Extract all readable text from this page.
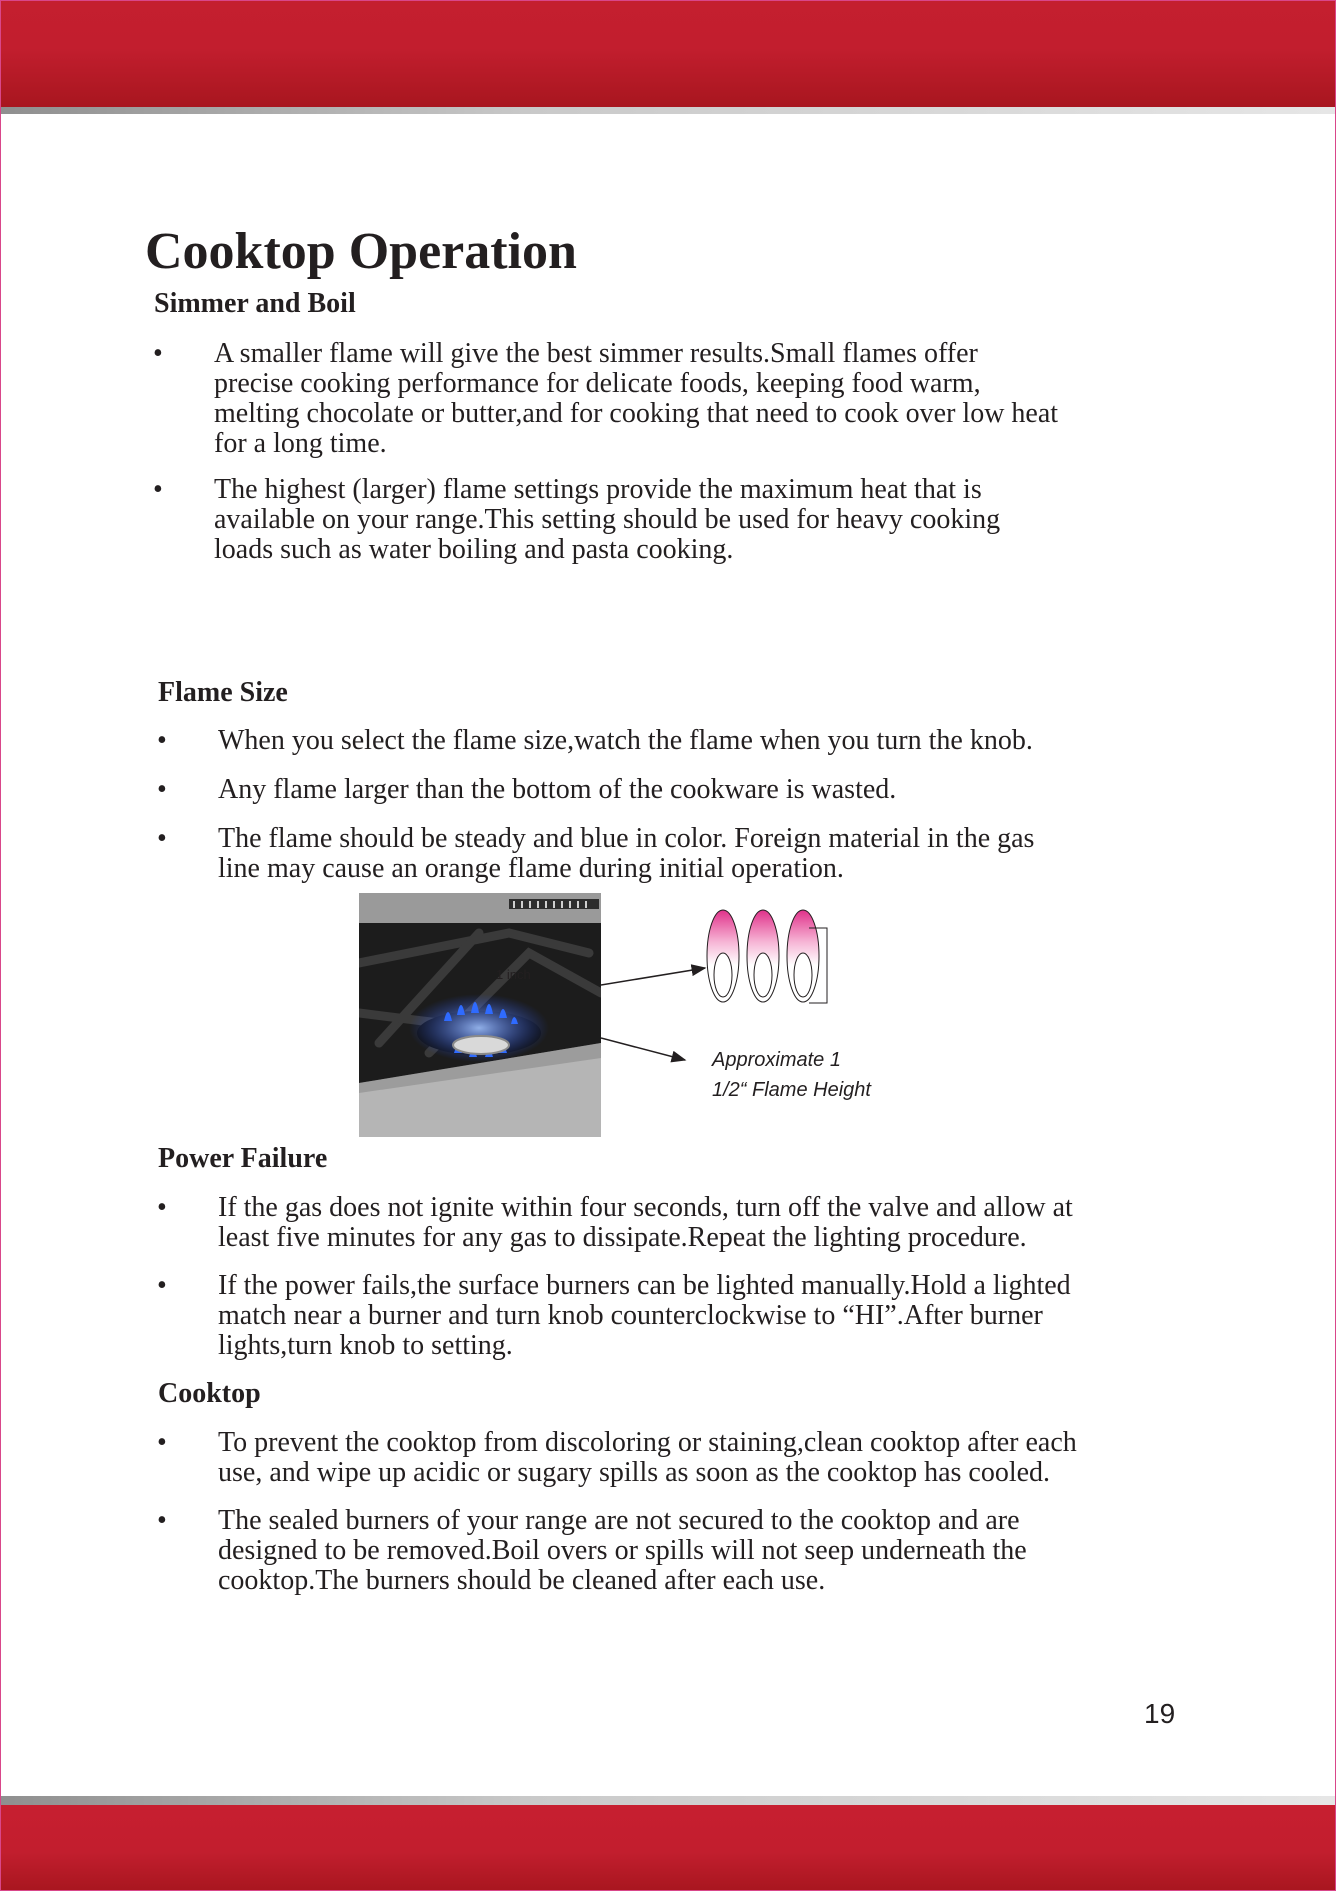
Cooktop Operation
Simmer and Boil
•	A smaller flame will give the best simmer results.Small flames offer
precise cooking performance for delicate foods, keeping food warm,
melting chocolate or butter,and for cooking that need to cook over low heat
for a long time.
•	The highest (larger) flame settings provide the maximum heat that is
available on your range.This setting should be used for heavy cooking
loads such as water boiling and pasta cooking.
Flame Size
•	When you select the flame size,watch the flame when you turn the knob.
•	Any flame larger than the bottom of the cookware is wasted.
•	The flame should be steady and blue in color. Foreign material in the gas
line may cause an orange flame during initial operation.
1 inch
Approximate 1
1/2“ Flame Height
Power Failure
•	If the gas does not ignite within four seconds, turn off the valve and allow at
least five minutes for any gas to dissipate.Repeat the lighting procedure.
•	If the power fails,the surface burners can be lighted manually.Hold a lighted
match near a burner and turn knob counterclockwise to “HI”.After burner
lights,turn knob to setting.
Cooktop
•	To prevent the cooktop from discoloring or staining,clean cooktop after each
use, and wipe up acidic or sugary spills as soon as the cooktop has cooled.
•	The sealed burners of your range are not secured to the cooktop and are
designed to be removed.Boil overs or spills will not seep underneath the
cooktop.The burners should be cleaned after each use.
19
